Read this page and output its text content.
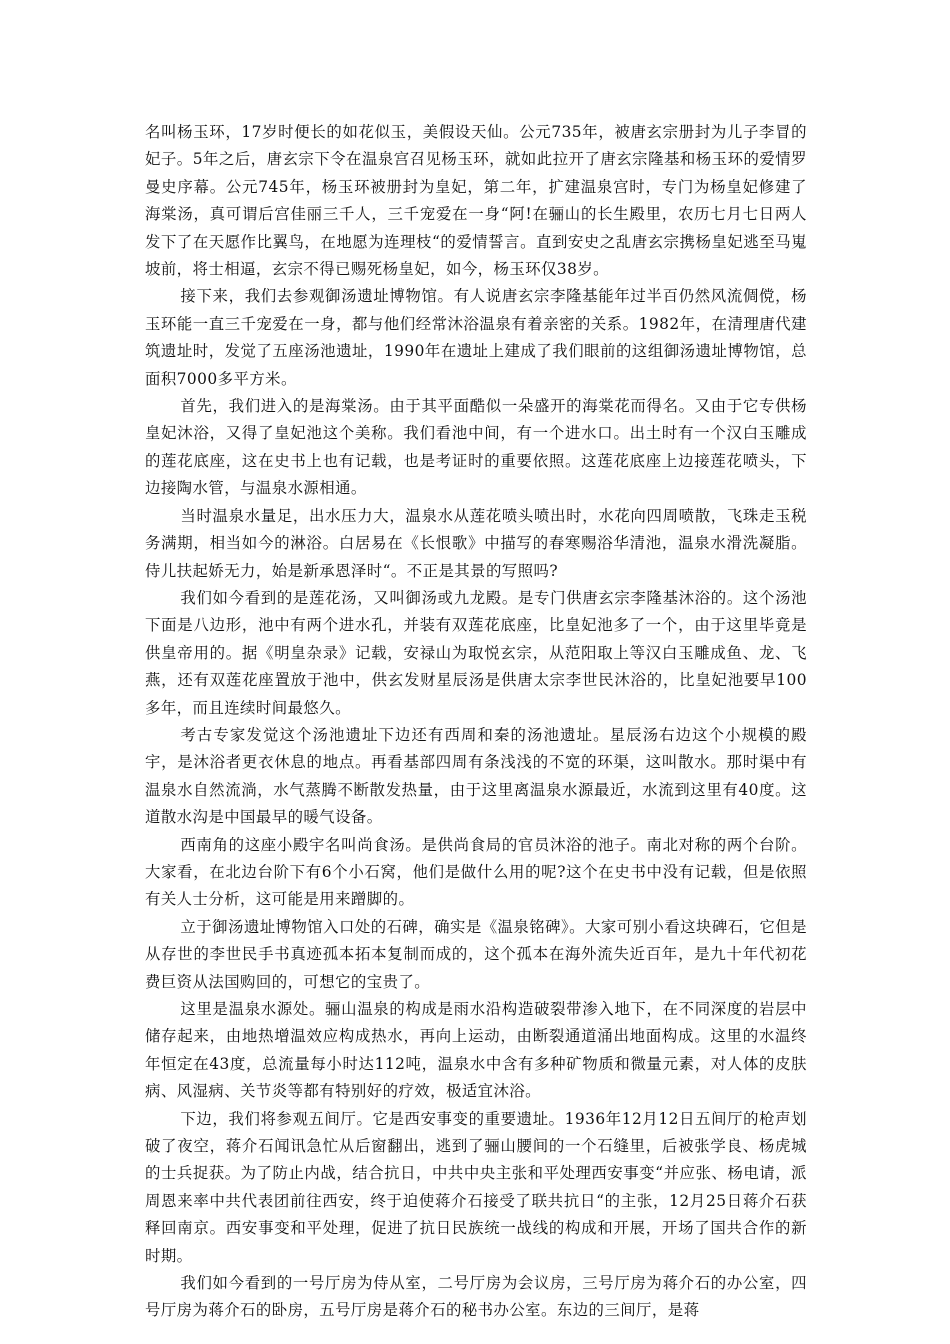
名叫杨玉环，17岁时便长的如花似玉，美假设天仙。公元735年，被唐玄宗册封为儿子李冒的妃子。5年之后，唐玄宗下令在温泉宫召见杨玉环，就如此拉开了唐玄宗隆基和杨玉环的爱情罗曼史序幕。公元745年，杨玉环被册封为皇妃，第二年，扩建温泉宫时，专门为杨皇妃修建了海棠汤，真可谓后宫佳丽三千人，三千宠爱在一身“阿!在骊山的长生殿里，农历七月七日两人发下了在天愿作比翼鸟，在地愿为连理枝“的爱情誓言。直到安史之乱唐玄宗携杨皇妃逃至马嵬坡前，将士相逼，玄宗不得已赐死杨皇妃，如今，杨玉环仅38岁。

接下来，我们去参观御汤遗址博物馆。有人说唐玄宗李隆基能年过半百仍然风流倜傥，杨玉环能一直三千宠爱在一身，都与他们经常沐浴温泉有着亲密的关系。1982年，在清理唐代建筑遗址时，发觉了五座汤池遗址，1990年在遗址上建成了我们眼前的这组御汤遗址博物馆，总面积7000多平方米。

首先，我们进入的是海棠汤。由于其平面酷似一朵盛开的海棠花而得名。又由于它专供杨皇妃沐浴，又得了皇妃池这个美称。我们看池中间，有一个进水口。出土时有一个汉白玉雕成的莲花底座，这在史书上也有记载，也是考证时的重要依照。这莲花底座上边接莲花喷头，下边接陶水管，与温泉水源相通。

当时温泉水量足，出水压力大，温泉水从莲花喷头喷出时，水花向四周喷散，飞珠走玉税务满期，相当如今的淋浴。白居易在《长恨歌》中描写的春寒赐浴华清池，温泉水滑洗凝脂。侍儿扶起娇无力，始是新承恩泽时“。不正是其景的写照吗?

我们如今看到的是莲花汤，又叫御汤或九龙殿。是专门供唐玄宗李隆基沐浴的。这个汤池下面是八边形，池中有两个进水孔，并装有双莲花底座，比皇妃池多了一个，由于这里毕竟是供皇帝用的。据《明皇杂录》记载，安禄山为取悦玄宗，从范阳取上等汉白玉雕成鱼、龙、飞燕，还有双莲花座置放于池中，供玄发财星辰汤是供唐太宗李世民沐浴的，比皇妃池要早100多年，而且连续时间最悠久。

考古专家发觉这个汤池遗址下边还有西周和秦的汤池遗址。星辰汤右边这个小规模的殿宇，是沐浴者更衣休息的地点。再看基部四周有条浅浅的不宽的环渠，这叫散水。那时渠中有温泉水自然流淌，水气蒸腾不断散发热量，由于这里离温泉水源最近，水流到这里有40度。这道散水沟是中国最早的暖气设备。

西南角的这座小殿宇名叫尚食汤。是供尚食局的官员沐浴的池子。南北对称的两个台阶。大家看，在北边台阶下有6个小石窝，他们是做什么用的呢?这个在史书中没有记载，但是依照有关人士分析，这可能是用来蹭脚的。

立于御汤遗址博物馆入口处的石碑，确实是《温泉铭碑》。大家可别小看这块碑石，它但是从存世的李世民手书真迹孤本拓本复制而成的，这个孤本在海外流失近百年，是九十年代初花费巨资从法国购回的，可想它的宝贵了。

这里是温泉水源处。骊山温泉的构成是雨水沿构造破裂带渗入地下，在不同深度的岩层中储存起来，由地热增温效应构成热水，再向上运动，由断裂通道涌出地面构成。这里的水温终年恒定在43度，总流量每小时达112吨，温泉水中含有多种矿物质和微量元素，对人体的皮肤病、风湿病、关节炎等都有特别好的疗效，极适宜沐浴。

下边，我们将参观五间厅。它是西安事变的重要遗址。1936年12月12日五间厅的枪声划破了夜空，蒋介石闻讯急忙从后窗翻出，逃到了骊山腰间的一个石缝里，后被张学良、杨虎城的士兵捉获。为了防止内战，结合抗日，中共中央主张和平处理西安事变“并应张、杨电请，派周恩来率中共代表团前往西安，终于迫使蒋介石接受了联共抗日“的主张，12月25日蒋介石获释回南京。西安事变和平处理，促进了抗日民族统一战线的构成和开展，开场了国共合作的新时期。

我们如今看到的一号厅房为侍从室，二号厅房为会议房，三号厅房为蒋介石的办公室，四号厅房为蒋介石的卧房，五号厅房是蒋介石的秘书办公室。东边的三间厅，是蒋
